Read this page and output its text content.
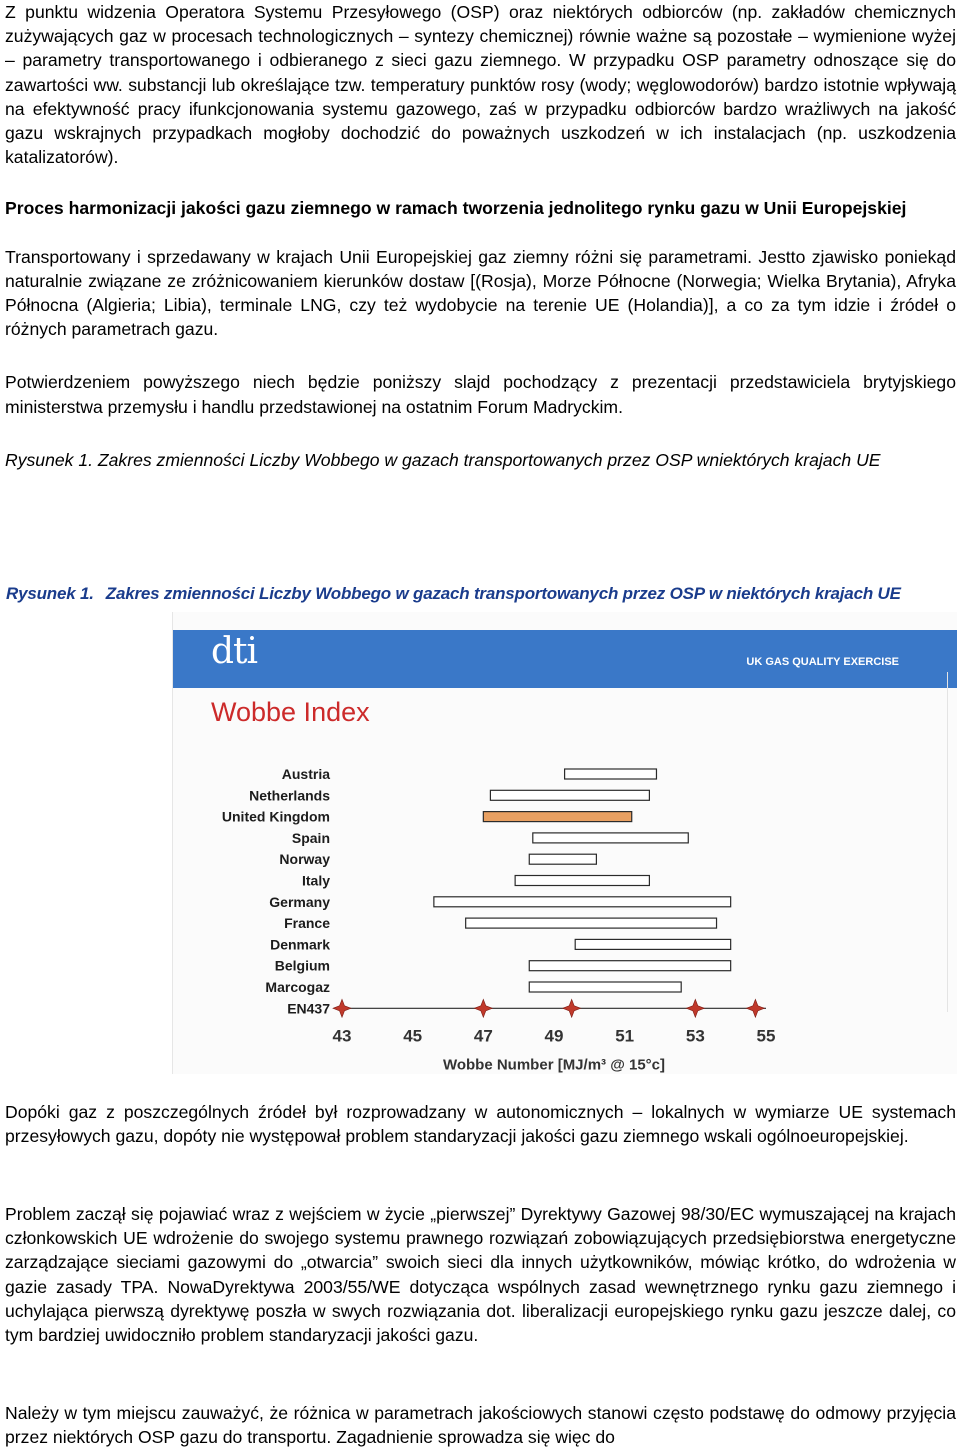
Z punktu widzenia Operatora Systemu Przesyłowego (OSP) oraz niektórych odbiorców (np. zakładów chemicznych zużywających gaz w procesach technologicznych – syntezy chemicznej) równie ważne są pozostałe – wymienione wyżej – parametry transportowanego i odbieranego z sieci gazu ziemnego. W przypadku OSP parametry odnoszące się do zawartości ww. substancji lub określające tzw. temperatury punktów rosy (wody; węglowodorów) bardzo istotnie wpływają na efektywność pracy ifunkcjonowania systemu gazowego, zaś w przypadku odbiorców bardzo wrażliwych na jakość gazu wskrajnych przypadkach mogłoby dochodzić do poważnych uszkodzeń w ich instalacjach (np. uszkodzenia katalizatorów).

Proces harmonizacji jakości gazu ziemnego w ramach tworzenia jednolitego rynku gazu w Unii Europejskiej

Transportowany i sprzedawany w krajach Unii Europejskiej gaz ziemny różni się parametrami. Jestto zjawisko poniekąd naturalnie związane ze zróżnicowaniem kierunków dostaw [(Rosja), Morze Północne (Norwegia; Wielka Brytania), Afryka Północna (Algieria; Libia), terminale LNG, czy też wydobycie na terenie UE (Holandia)], a co za tym idzie i źródeł o różnych parametrach gazu.

Potwierdzeniem powyższego niech będzie poniższy slajd pochodzący z prezentacji przedstawiciela brytyjskiego ministerstwa przemysłu i handlu przedstawionej na ostatnim Forum Madryckim.

Rysunek 1. Zakres zmienności Liczby Wobbego w gazach transportowanych przez OSP wniektórych krajach UE

Dopóki gaz z poszczególnych źródeł był rozprowadzany w autonomicznych – lokalnych w wymiarze UE systemach przesyłowych gazu, dopóty nie występował problem standaryzacji jakości gazu ziemnego wskali ogólnoeuropejskiej.

Problem zaczął się pojawiać wraz z wejściem w życie „pierwszej” Dyrektywy Gazowej 98/30/EC wymuszającej na krajach członkowskich UE wdrożenie do swojego systemu prawnego rozwiązań zobowiązujących przedsiębiorstwa energetyczne zarządzające sieciami gazowymi do „otwarcia” swoich sieci dla innych użytkowników, mówiąc krótko, do wdrożenia w gazie zasady TPA. NowaDyrektywa 2003/55/WE dotycząca wspólnych zasad wewnętrznego rynku gazu ziemnego i uchylająca pierwszą dyrektywę poszła w swych rozwiązania dot. liberalizacji europejskiego rynku gazu jeszcze dalej, co tym bardziej uwidoczniło problem standaryzacji jakości gazu.

Należy w tym miejscu zauważyć, że różnica w parametrach jakościowych stanowi często podstawę do odmowy przyjęcia przez niektórych OSP gazu do transportu. Zagadnienie sprowadza się więc do

Rysunek 1. Zakres zmienności Liczby Wobbego w gazach transportowanych przez OSP w niektórych krajach UE
dti	UK GAS QUALITY EXERCISE
Wobbe Index
Austria
Netherlands
United Kingdom
Spain
Norway
Italy
Germany
France
Denmark
Belgium
Marcogaz
EN437
43	45	47	49	51	53	55
Wobbe Number [MJ/m³ @ 15°c]
